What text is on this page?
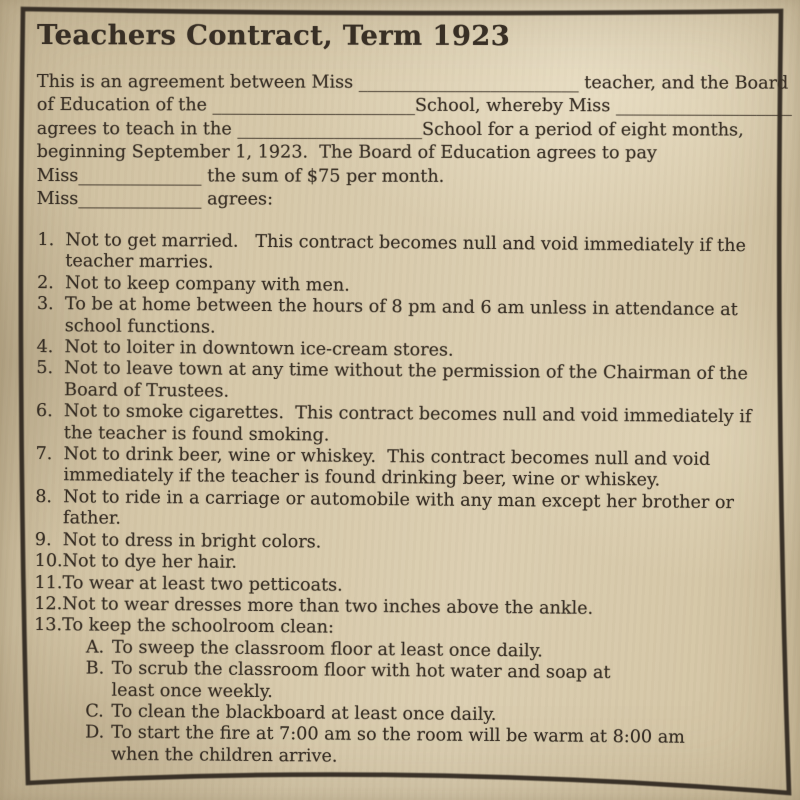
Teachers Contract, Term 1923
This is an agreement between Miss _________________________ teacher, and the Board
of Education of the _______________________School, whereby Miss ____________________
agrees to teach in the _____________________School for a period of eight months,
beginning September 1, 1923.  The Board of Education agrees to pay
Miss______________ the sum of $75 per month.
Miss______________ agrees:
1. Not to get married.   This contract becomes null and void immediately if the
teacher marries.
2. Not to keep company with men.
3. To be at home between the hours of 8 pm and 6 am unless in attendance at
school functions.
4. Not to loiter in downtown ice-cream stores.
5. Not to leave town at any time without the permission of the Chairman of the
Board of Trustees.
6. Not to smoke cigarettes.  This contract becomes null and void immediately if
the teacher is found smoking.
7. Not to drink beer, wine or whiskey.  This contract becomes null and void
immediately if the teacher is found drinking beer, wine or whiskey.
8. Not to ride in a carriage or automobile with any man except her brother or
father.
9. Not to dress in bright colors.
10. Not to dye her hair.
11. To wear at least two petticoats.
12. Not to wear dresses more than two inches above the ankle.
13. To keep the schoolroom clean:
A. To sweep the classroom floor at least once daily.
B. To scrub the classroom floor with hot water and soap at
least once weekly.
C. To clean the blackboard at least once daily.
D. To start the fire at 7:00 am so the room will be warm at 8:00 am
when the children arrive.
